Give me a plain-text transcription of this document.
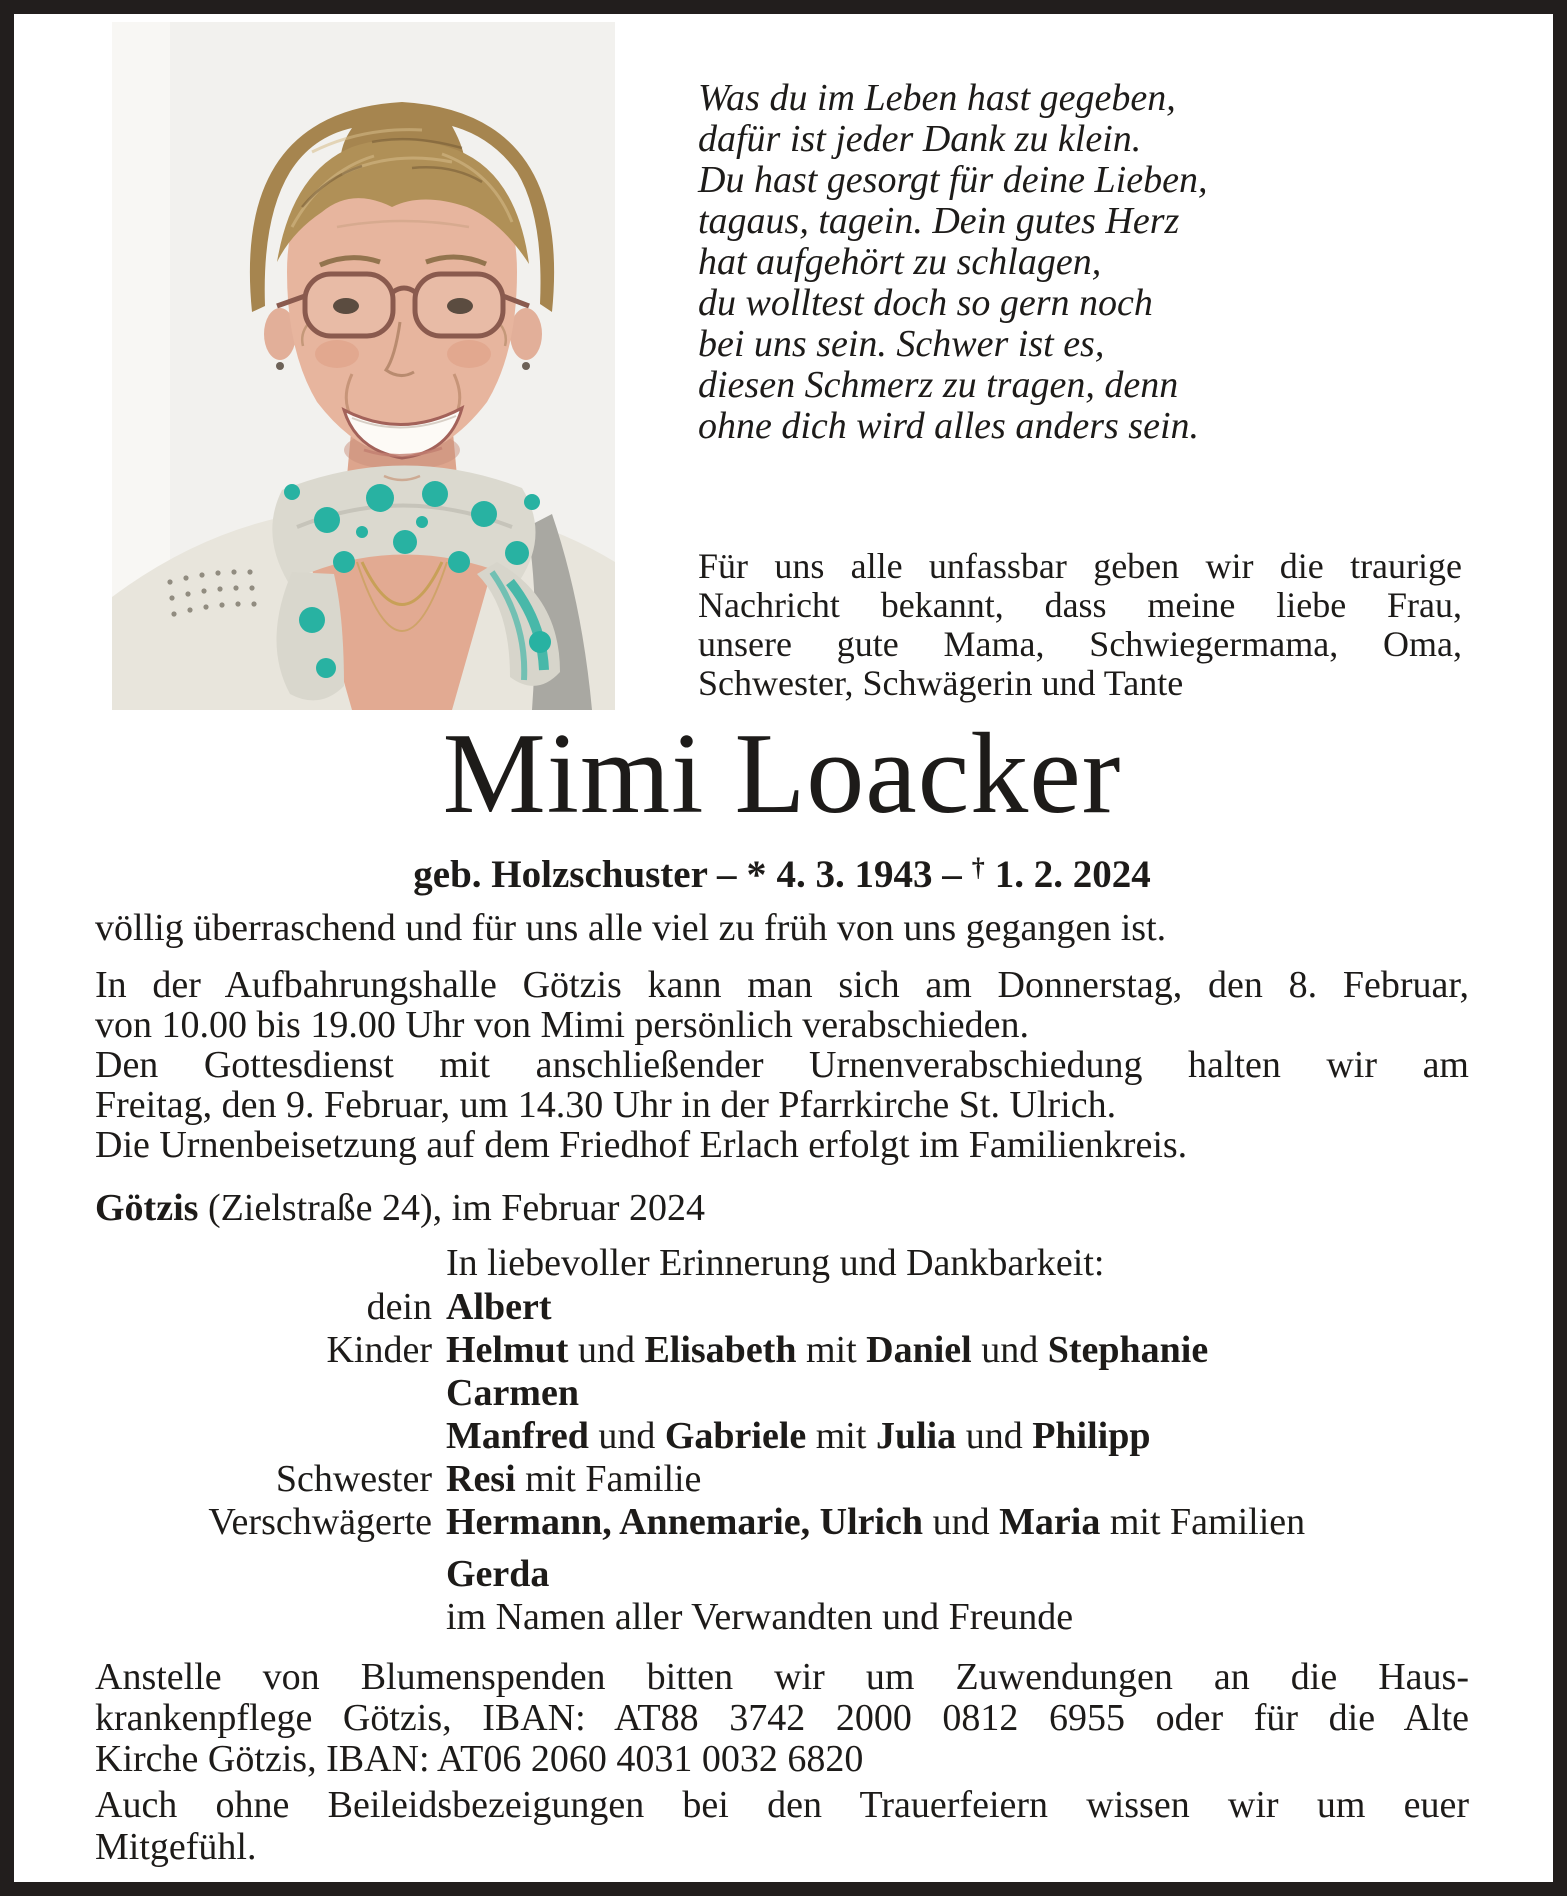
Was du im Leben hast gegeben,
dafür ist jeder Dank zu klein.
Du hast gesorgt für deine Lieben,
tagaus, tagein. Dein gutes Herz
hat aufgehört zu schlagen,
du wolltest doch so gern noch
bei uns sein. Schwer ist es,
diesen Schmerz zu tragen, denn
ohne dich wird alles anders sein.
Für uns alle unfassbar geben wir die traurige
Nachricht bekannt, dass meine liebe Frau,
unsere gute Mama, Schwiegermama, Oma,
Schwester, Schwägerin und Tante
Mimi Loacker
geb. Holzschuster – * 4. 3. 1943 – † 1. 2. 2024
völlig überraschend und für uns alle viel zu früh von uns gegangen ist.
In der Aufbahrungshalle Götzis kann man sich am Donnerstag, den 8. Februar,
von 10.00 bis 19.00 Uhr von Mimi persönlich verabschieden.
Den Gottesdienst mit anschließender Urnenverabschiedung halten wir am
Freitag, den 9. Februar, um 14.30 Uhr in der Pfarrkirche St. Ulrich.
Die Urnenbeisetzung auf dem Friedhof Erlach erfolgt im Familienkreis.
Götzis (Zielstraße 24), im Februar 2024
In liebevoller Erinnerung und Dankbarkeit:
dein Albert
Kinder Helmut und Elisabeth mit Daniel und Stephanie
Carmen
Manfred und Gabriele mit Julia und Philipp
Schwester Resi mit Familie
Verschwägerte Hermann, Annemarie, Ulrich und Maria mit Familien
Gerda
im Namen aller Verwandten und Freunde
Anstelle von Blumenspenden bitten wir um Zuwendungen an die Haus-
krankenpflege Götzis, IBAN: AT88 3742 2000 0812 6955 oder für die Alte
Kirche Götzis, IBAN: AT06 2060 4031 0032 6820
Auch ohne Beileidsbezeigungen bei den Trauerfeiern wissen wir um euer
Mitgefühl.
